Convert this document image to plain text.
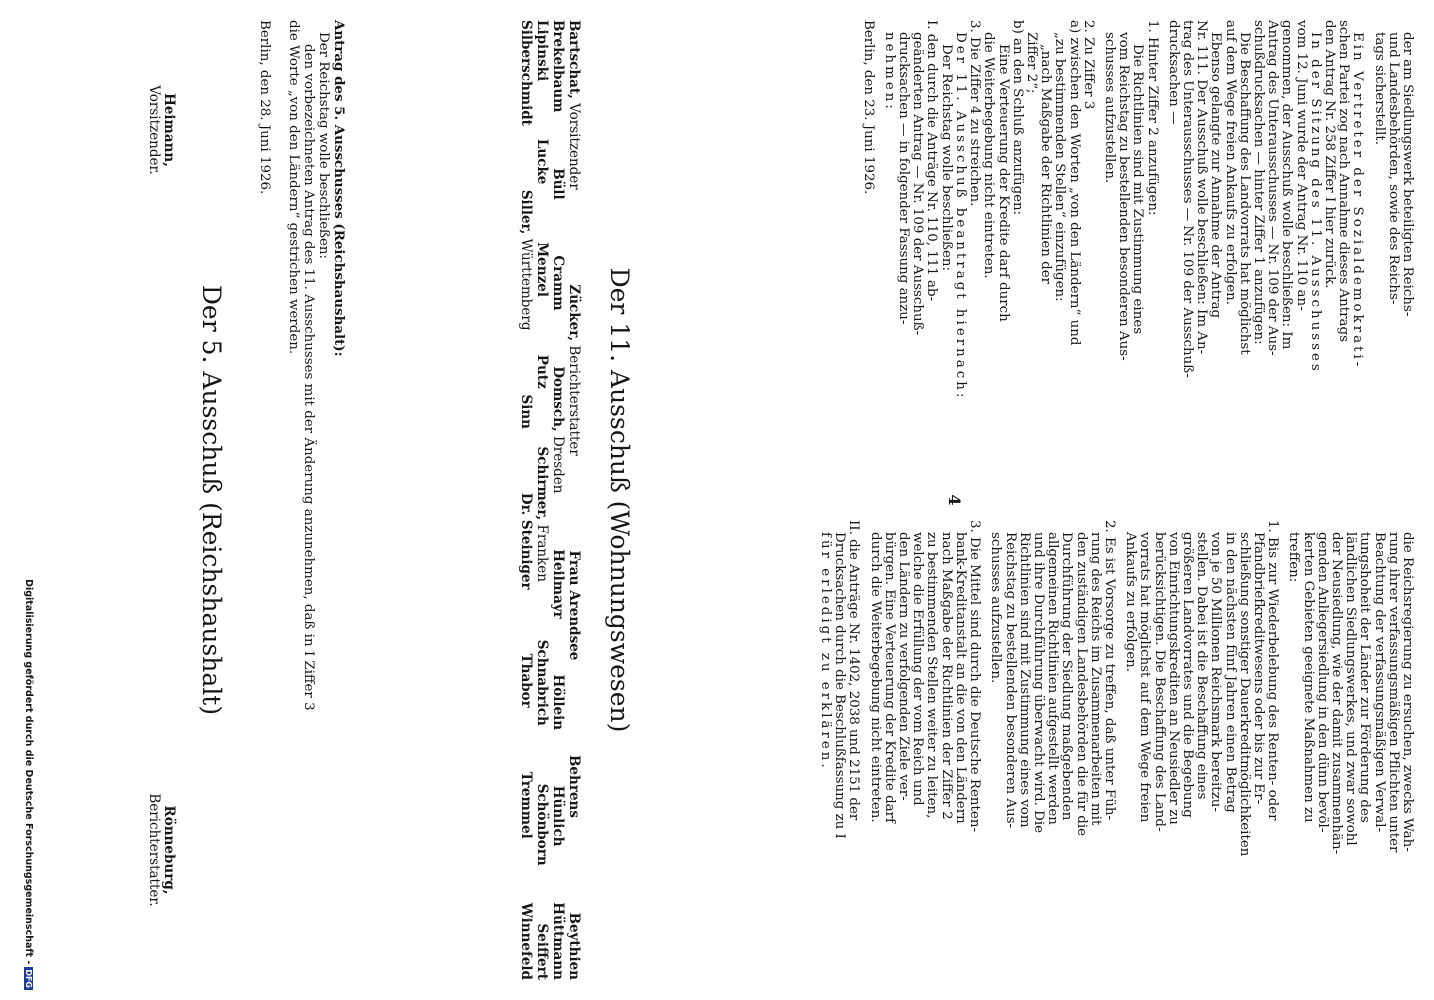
4

der am Siedlungswerk beteiligten Reichs-

und Landesbehörden, sowie des Reichs-

tags sicherstellt.

Ein Vertreter der Sozialdemokrati-

schen Partei zog nach Annahme dieses Antrags

den Antrag Nr. 258 Ziffer I hier zurück.

In der Sitzung des 11. Ausschusses

vom 12. Juni wurde der Antrag Nr. 110 an-

genommen, der Ausschuß wolle beschließen: Im

Antrag des Unterausschusses — Nr. 109 der Aus-

schußdrucksachen — hinter Ziffer 1 anzufügen:

Die Beschaffung des Landvorrats hat möglichst

auf dem Wege freien Ankaufs zu erfolgen.

Ebenso gelangte zur Annahme der Antrag

Nr. 111. Der Ausschuß wolle beschließen: Im An-

trag des Unterausschusses — Nr. 109 der Ausschuß-

drucksachen —

1. Hinter Ziffer 2 anzufügen:

Die Richtlinien sind mit Zustimmung eines

vom Reichstag zu bestellenden besonderen Aus-

schusses aufzustellen.

2. Zu Ziffer 3

a) zwischen den Worten „von den Ländern“ und

„zu bestimmenden Stellen“ einzufügen:

„nach Maßgabe der Richtlinien der

Ziffer 2“;

b) an den Schluß anzufügen:

Eine Verteuerung der Kredite darf durch

die Weiterbegebung nicht eintreten.

3. Die Ziffer 4 zu streichen.

Der 11. Ausschuß beantragt hiernach:

Der Reichstag wolle beschließen:

I. den durch die Anträge Nr. 110, 111 ab-

geänderten Antrag — Nr. 109 der Ausschuß-

drucksachen — in folgender Fassung anzu-

nehmen:

Berlin, den 23. Juni 1926.

die Reichsregierung zu ersuchen, zwecks Wah-

rung ihrer verfassungsmäßigen Pflichten unter

Beachtung der verfassungsmäßigen Verwal-

tungshoheit der Länder zur Förderung des

ländlichen Siedlungswerkes, und zwar sowohl

der Neusiedlung, wie der damit zusammenhän-

genden Anliegersiedlung in den dünn bevöl-

kerten Gebieten geeignete Maßnahmen zu

treffen:

1. Bis zur Wiederbelebung des Renten- oder

Pfandbriefkreditwesens oder bis zur Er-

schließung sonstiger Dauerkreditmöglichkeiten

in den nächsten fünf Jahren einen Betrag

von je 50 Millionen Reichsmark bereitzu-

stellen. Dabei ist die Beschaffung eines

größeren Landvorrates und die Begebung

von Einrichtungskrediten an Neusiedler zu

berücksichtigen. Die Beschaffung des Land-

vorrats hat möglichst auf dem Wege freien

Ankaufs zu erfolgen.

2. Es ist Vorsorge zu treffen, daß unter Füh-

rung des Reichs im Zusammenarbeiten mit

den zuständigen Landesbehörden die für die

Durchführung der Siedlung maßgebenden

allgemeinen Richtlinien aufgestellt werden

und ihre Durchführung überwacht wird. Die

Richtlinien sind mit Zustimmung eines vom

Reichstag zu bestellenden besonderen Aus-

schusses aufzustellen.

3. Die Mittel sind durch die Deutsche Renten-

bank-Kreditanstalt an die von den Ländern

nach Maßgabe der Richtlinien der Ziffer 2

zu bestimmenden Stellen weiter zu leiten,

welche die Erfüllung der vom Reich und

den Ländern zu verfolgenden Ziele ver-

bürgen. Eine Verteuerung der Kredite darf

durch die Weiterbegebung nicht eintreten.

II. die Anträge Nr. 1402, 2038 und 2151 der

Drucksachen durch die Beschlußfassung zu I

für erledigt zu erklären.

Der 11. Ausschuß (Wohnungswesen)
Bartschat, Vorsitzender
Zücker, Berichterstatter
Frau Arendsee
Behrens
Beythien
Brekelbaum
Büll
Cramm
Domsch, Dresden
Heilmayr
Höllein
Hünlich
Hüttmann
Lipinski
Lucke
Menzel
Putz
Schirmer, Franken
Schnabrich
Schönborn
Seiffert
Silberschmidt
Siller, Württemberg
Sinn
Dr. Steiniger
Thabor
Tremmel
Winnefeld

Antrag des 5. Ausschusses (Reichshaushalt):

Der Reichstag wolle beschließen:

den vorbezeichneten Antrag des 11. Ausschusses mit der Änderung anzunehmen, daß in I Ziffer 3

die Worte „von den Ländern“ gestrichen werden.

Berlin, den 28. Juni 1926.

Der 5. Ausschuß (Reichshaushalt)

Heimann,

Vorsitzender.

Rönneburg,

Berichterstatter.

Digitalisierung gefördert durch die Deutsche Forschungsgemeinschaft -DFG
